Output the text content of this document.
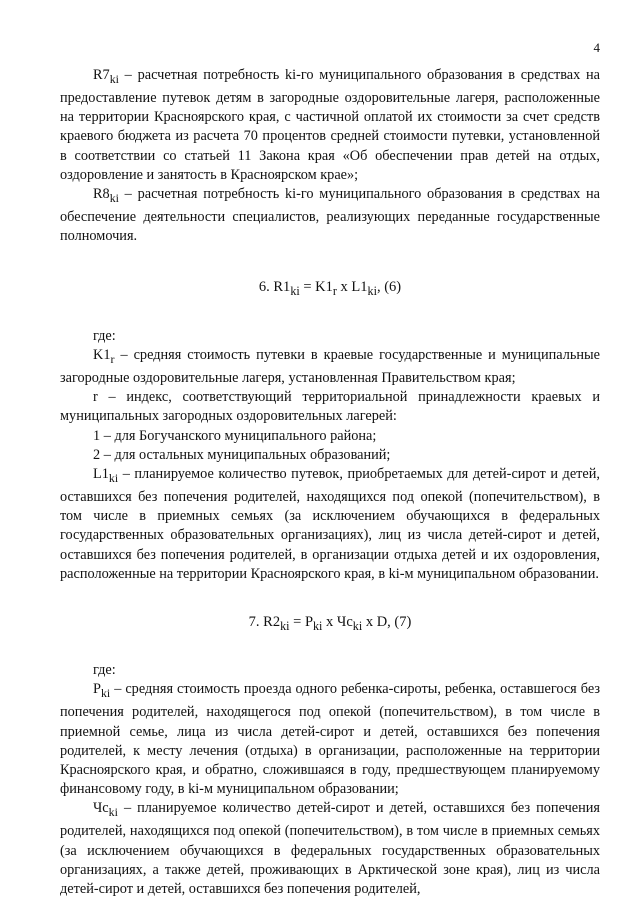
4

$R7_{ki}$ – расчетная потребность ki-го муниципального образования в средствах на предоставление путевок детям в загородные оздоровительные лагеря, расположенные на территории Красноярского края, с частичной оплатой их стоимости за счет средств краевого бюджета из расчета 70 процентов средней стоимости путевки, установленной в соответствии со статьей 11 Закона края «Об обеспечении прав детей на отдых, оздоровление и занятость в Красноярском крае»;

$R8_{ki}$ – расчетная потребность ki-го муниципального образования в средствах на обеспечение деятельности специалистов, реализующих переданные государственные полномочия.

6. $R1_{ki} = K1_r$ x $L1_{ki}$, (6)

где:

$K1_r$ – средняя стоимость путевки в краевые государственные и муниципальные загородные оздоровительные лагеря, установленная Правительством края;

r – индекс, соответствующий территориальной принадлежности краевых и муниципальных загородных оздоровительных лагерей:

1 – для Богучанского муниципального района;

2 – для остальных муниципальных образований;

$L1_{ki}$ – планируемое количество путевок, приобретаемых для детей-сирот и детей, оставшихся без попечения родителей, находящихся под опекой (попечительством), в том числе в приемных семьях (за исключением обучающихся в федеральных государственных образовательных организациях), лиц из числа детей-сирот и детей, оставшихся без попечения родителей, в организации отдыха детей и их оздоровления, расположенные на территории Красноярского края, в ki-м муниципальном образовании.

7. $R2_{ki} = P_{ki}$ x $Чс_{ki}$ x D, (7)

где:

$P_{ki}$ – средняя стоимость проезда одного ребенка-сироты, ребенка, оставшегося без попечения родителей, находящегося под опекой (попечительством), в том числе в приемной семье, лица из числа детей-сирот и детей, оставшихся без попечения родителей, к месту лечения (отдыха) в организации, расположенные на территории Красноярского края, и обратно, сложившаяся в году, предшествующем планируемому финансовому году, в ki-м муниципальном образовании;

$Чс_{ki}$ – планируемое количество детей-сирот и детей, оставшихся без попечения родителей, находящихся под опекой (попечительством), в том числе в приемных семьях (за исключением обучающихся в федеральных государственных образовательных организациях, а также детей, проживающих в Арктической зоне края), лиц из числа детей-сирот и детей, оставшихся без попечения родителей,
